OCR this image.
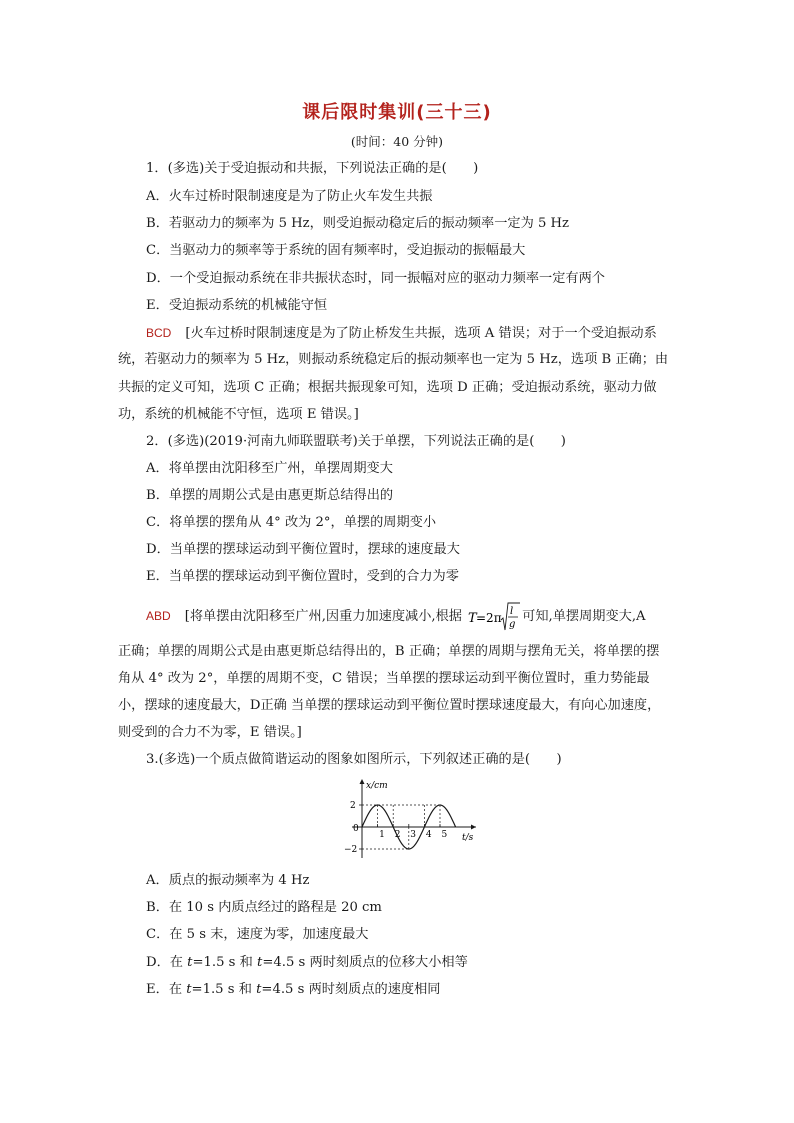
课后限时集训(三十三)
(时间：40 分钟)
1．(多选)关于受迫振动和共振，下列说法正确的是(　　)
A．火车过桥时限制速度是为了防止火车发生共振
B．若驱动力的频率为 5 Hz，则受迫振动稳定后的振动频率一定为 5 Hz
C．当驱动力的频率等于系统的固有频率时，受迫振动的振幅最大
D．一个受迫振动系统在非共振状态时，同一振幅对应的驱动力频率一定有两个
E．受迫振动系统的机械能守恒
BCD [火车过桥时限制速度是为了防止桥发生共振，选项 A 错误；对于一个受迫振动系
统，若驱动力的频率为 5 Hz，则振动系统稳定后的振动频率也一定为 5 Hz，选项 B 正确；由
共振的定义可知，选项 C 正确；根据共振现象可知，选项 D 正确；受迫振动系统，驱动力做
功，系统的机械能不守恒，选项 E 错误。]
2．(多选)(2019·河南九师联盟联考)关于单摆，下列说法正确的是(　　)
A．将单摆由沈阳移至广州，单摆周期变大
B．单摆的周期公式是由惠更斯总结得出的
C．将单摆的摆角从 4° 改为 2°，单摆的周期变小
D．当单摆的摆球运动到平衡位置时，摆球的速度最大
E．当单摆的摆球运动到平衡位置时，受到的合力为零
ABD [将单摆由沈阳移至广州,因重力加速度减小,根据 T =2π l
g 可知,单摆周期变大,A
正确；单摆的周期公式是由惠更斯总结得出的，B 正确；单摆的周期与摆角无关，将单摆的摆
角从 4° 改为 2°，单摆的周期不变，C 错误；当单摆的摆球运动到平衡位置时，重力势能最
小，摆球的速度最大，D正确 当单摆的摆球运动到平衡位置时摆球速度最大，有向心加速度，
则受到的合力不为零，E 错误。]
3.(多选)一个质点做简谐运动的图象如图所示，下列叙述正确的是(　　)
x/cm
t/s
0
2
−2
1 2 3 4 5
A．质点的振动频率为 4 Hz
B．在 10 s 内质点经过的路程是 20 cm
C．在 5 s 末，速度为零，加速度最大
D．在 t=1.5 s 和 t=4.5 s 两时刻质点的位移大小相等
E．在 t=1.5 s 和 t=4.5 s 两时刻质点的速度相同
